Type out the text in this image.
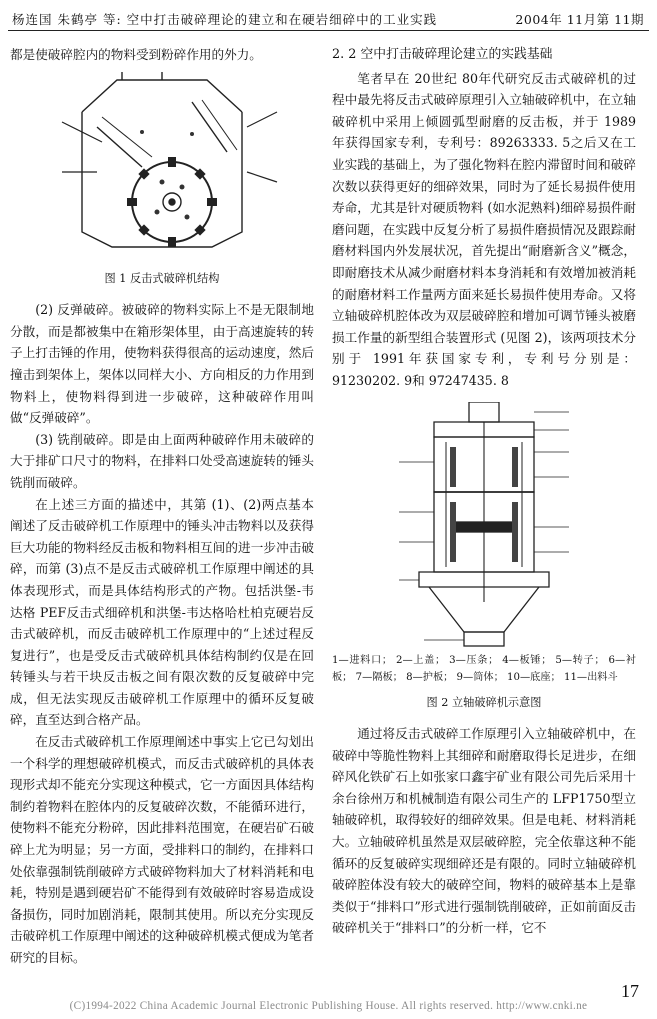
杨连国 朱鹤亭 等: 空中打击破碎理论的建立和在硬岩细碎中的工业实践	2004年 11月第 11期

都是使破碎腔内的物料受到粉碎作用的外力。

图 1 反击式破碎机结构

(2) 反弹破碎。被破碎的物料实际上不是无限制地分散，而是都被集中在箱形架体里，由于高速旋转的转子上打击锤的作用，使物料获得很高的运动速度，然后撞击到架体上，架体以同样大小、方向相反的力作用到物料上，使物料得到进一步破碎，这种破碎作用叫做“反弹破碎”。

(3) 铣削破碎。即是由上面两种破碎作用未破碎的大于排矿口尺寸的物料，在排料口处受高速旋转的锤头铣削而破碎。

在上述三方面的描述中，其第 (1)、(2)两点基本阐述了反击破碎机工作原理中的锤头冲击物料以及获得巨大功能的物料经反击板和物料相互间的进一步冲击破碎，而第 (3)点不是反击式破碎机工作原理中阐述的具体表现形式，而是具体结构形式的产物。包括洪堡-韦达格 PEF反击式细碎机和洪堡-韦达格哈杜柏克硬岩反击式破碎机，而反击破碎机工作原理中的“上述过程反复进行”，也是受反击式破碎机具体结构制约仅是在回转锤头与若干块反击板之间有限次数的反复破碎中完成，但无法实现反击破碎机工作原理中的循环反复破碎，直至达到合格产品。

在反击式破碎机工作原理阐述中事实上它已勾划出一个科学的理想破碎机模式，而反击式破碎机的具体表现形式却不能充分实现这种模式，它一方面因具体结构制约着物料在腔体内的反复破碎次数，不能循环进行，使物料不能充分粉碎，因此排料范围宽，在硬岩矿石破碎上尤为明显；另一方面，受排料口的制约，在排料口处依靠强制铣削破碎方式破碎物料加大了材料消耗和电耗，特别是遇到硬岩矿不能得到有效破碎时容易造成设备损伤，同时加剧消耗，限制其使用。所以充分实现反击破碎机工作原理中阐述的这种破碎机模式便成为笔者研究的目标。

2. 2 空中打击破碎理论建立的实践基础

笔者早在 20世纪 80年代研究反击式破碎机的过程中最先将反击式破碎原理引入立轴破碎机中，在立轴破碎机中采用上倾圆弧型耐磨的反击板，并于 1989 年获得国家专利，专利号：89263333. 5之后又在工业实践的基础上，为了强化物料在腔内滞留时间和破碎次数以获得更好的细碎效果，同时为了延长易损件使用寿命，尤其是针对硬质物料 (如水泥熟料)细碎易损件耐磨问题，在实践中反复分析了易损件磨损情况及跟踪耐磨材料国内外发展状况，首先提出“耐磨新含义”概念，即耐磨技术从减少耐磨材料本身消耗和有效增加被消耗的耐磨材料工作量两方面来延长易损件使用寿命。又将立轴破碎机腔体改为双层破碎腔和增加可调节锤头被磨损工作量的新型组合装置形式 (见图 2)，该两项技术分别于 1991年获国家专利，专利号分别是：91230202. 9和 97247435. 8

1—进料口； 2—上盖； 3—压条； 4—板锤； 5—转子； 6—衬板； 7—隔板； 8—护板； 9—筒体； 10—底座； 11—出料斗

图 2 立轴破碎机示意图

通过将反击式破碎工作原理引入立轴破碎机中，在破碎中等脆性物料上其细碎和耐磨取得长足进步，在细碎风化铁矿石上如张家口鑫宇矿业有限公司先后采用十余台徐州万和机械制造有限公司生产的 LFP1750型立轴破碎机，取得较好的细碎效果。但是电耗、材料消耗大。立轴破碎机虽然是双层破碎腔，完全依靠这种不能循环的反复破碎实现细碎还是有限的。同时立轴破碎机破碎腔体没有较大的破碎空间，物料的破碎基本上是靠类似于“排料口”形式进行强制铣削破碎，正如前面反击破碎机关于“排料口”的分析一样，它不

17
(C)1994-2022 China Academic Journal Electronic Publishing House. All rights reserved. http://www.cnki.ne
